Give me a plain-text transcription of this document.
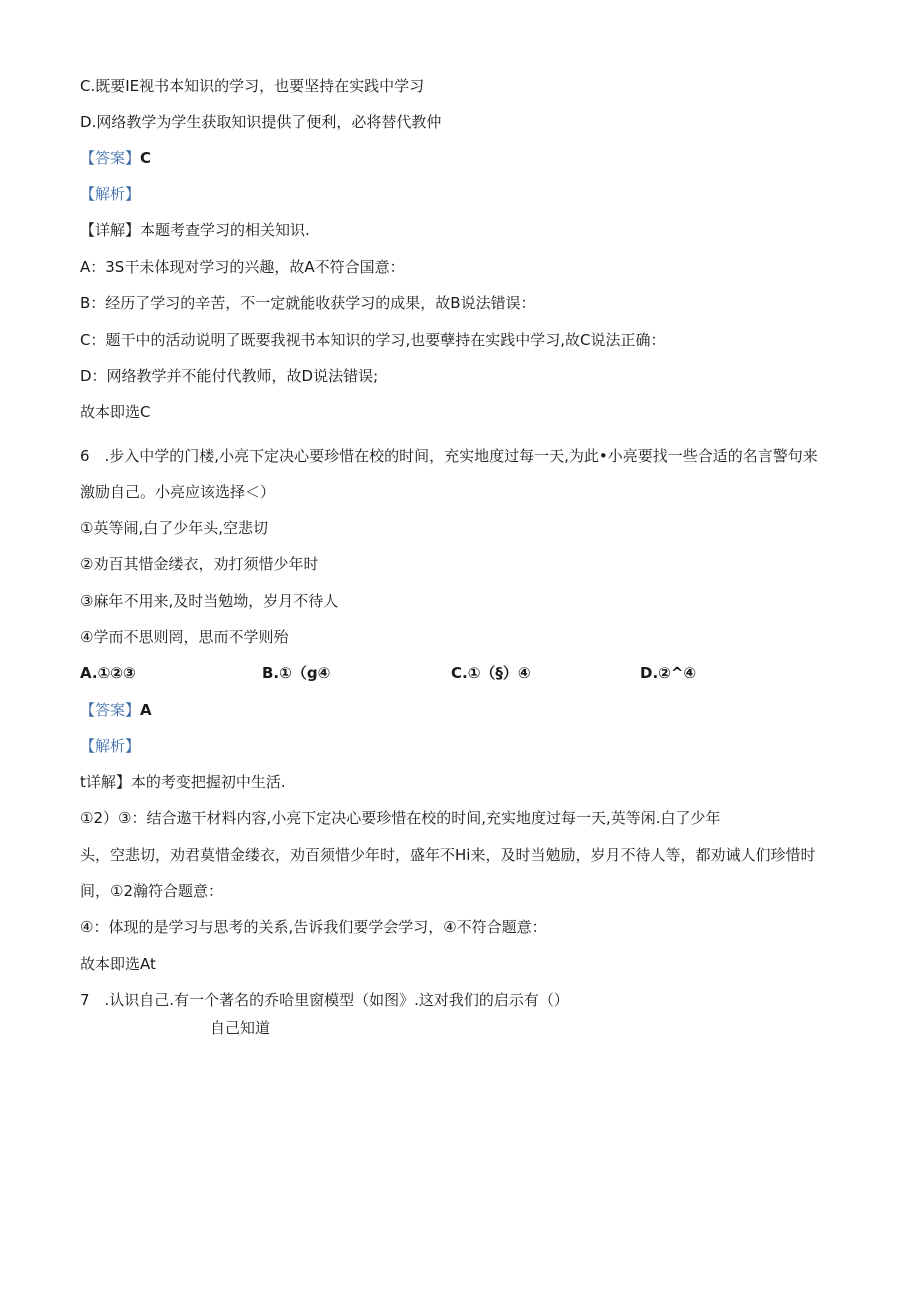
C.既要IE视书本知识的学习，也要坚持在实践中学习
D.网络教学为学生获取知识提供了便利，必将替代教仲
【答案】C
【解析】
【详解】本题考查学习的相关知识.
A：3S干未体现对学习的兴趣，故A不符合国意：
B：经历了学习的辛苦，不一定就能收获学习的成果，故B说法错误：
C：题干中的活动说明了既要我视书本知识的学习,也要孽持在实践中学习,故C说法正确：
D：网络教学并不能付代教师，故D说法错误;
故本即选C
6　.步入中学的门楼,小亮下定决心要珍惜在校的时间，充实地度过每一天,为此•小亮要找一些合适的名言警句来
激励自己。小亮应该选择＜）
①英等闹,白了少年头,空悲切
②劝百其惜金缕衣，劝打须惜少年时
③麻年不用来,及时当勉坳，岁月不待人
④学而不思则罔，思而不学则殆
A.①②③	B.①（g④	C.①（§）④	D.②^④
【答案】A
【解析】
t详解】本的考变把握初中生活.
①2）③：结合遨干材料内容,小亮下定决心要珍惜在校的时间,充实地度过每一天,英等闲.白了少年
头，空悲切，劝君莫惜金缕衣，劝百须惜少年时，盛年不Hi来，及时当勉励，岁月不待人等，都劝诫人们珍惜时
间，①2瀚符合题意：
④：体现的是学习与思考的关系,告诉我们要学会学习，④不符合题意：
故本即选At
7　.认识自己.有一个著名的乔哈里窗模型（如图》.这对我们的启示有（）
自己知道
